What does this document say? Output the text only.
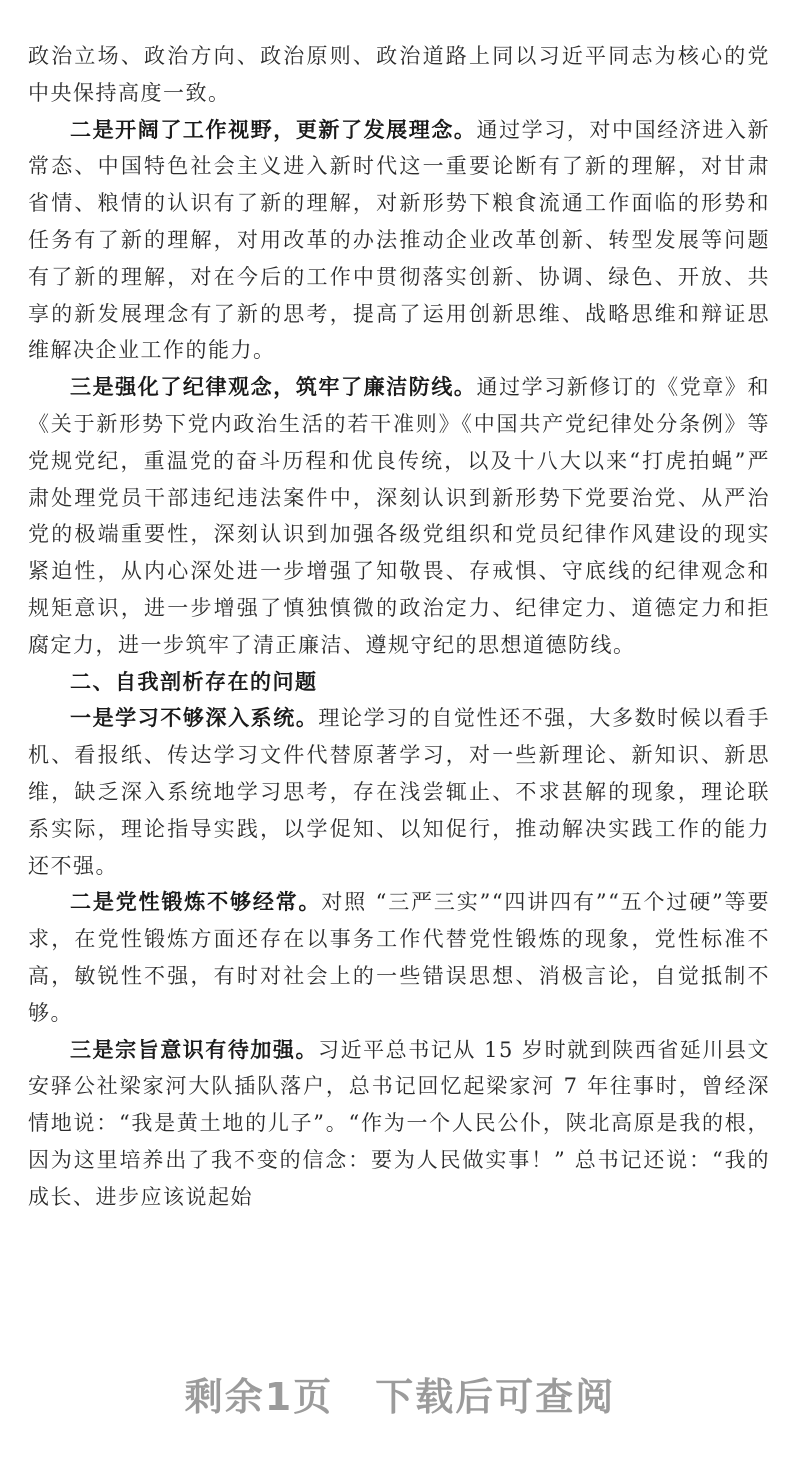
政治立场、政治方向、政治原则、政治道路上同以习近平同志为核心的党中央保持高度一致。

二是开阔了工作视野，更新了发展理念。通过学习，对中国经济进入新常态、中国特色社会主义进入新时代这一重要论断有了新的理解，对甘肃省情、粮情的认识有了新的理解，对新形势下粮食流通工作面临的形势和任务有了新的理解，对用改革的办法推动企业改革创新、转型发展等问题有了新的理解，对在今后的工作中贯彻落实创新、协调、绿色、开放、共享的新发展理念有了新的思考，提高了运用创新思维、战略思维和辩证思维解决企业工作的能力。

三是强化了纪律观念，筑牢了廉洁防线。通过学习新修订的《党章》和《关于新形势下党内政治生活的若干准则》《中国共产党纪律处分条例》等党规党纪，重温党的奋斗历程和优良传统，以及十八大以来“打虎拍蝇”严肃处理党员干部违纪违法案件中，深刻认识到新形势下党要治党、从严治党的极端重要性，深刻认识到加强各级党组织和党员纪律作风建设的现实紧迫性，从内心深处进一步增强了知敬畏、存戒惧、守底线的纪律观念和规矩意识，进一步增强了慎独慎微的政治定力、纪律定力、道德定力和拒腐定力，进一步筑牢了清正廉洁、遵规守纪的思想道德防线。

二、自我剖析存在的问题

一是学习不够深入系统。理论学习的自觉性还不强，大多数时候以看手机、看报纸、传达学习文件代替原著学习，对一些新理论、新知识、新思维，缺乏深入系统地学习思考，存在浅尝辄止、不求甚解的现象，理论联系实际，理论指导实践，以学促知、以知促行，推动解决实践工作的能力还不强。

二是党性锻炼不够经常。对照 “三严三实”“四讲四有”“五个过硬”等要求，在党性锻炼方面还存在以事务工作代替党性锻炼的现象，党性标准不高，敏锐性不强，有时对社会上的一些错误思想、消极言论，自觉抵制不够。

三是宗旨意识有待加强。习近平总书记从 15 岁时就到陕西省延川县文安驿公社梁家河大队插队落户，总书记回忆起梁家河 7 年往事时，曾经深情地说：“我是黄土地的儿子”。“作为一个人民公仆，陕北高原是我的根，因为这里培养出了我不变的信念：要为人民做实事！” 总书记还说：“我的成长、进步应该说起始

剩余1页 下载后可查阅
